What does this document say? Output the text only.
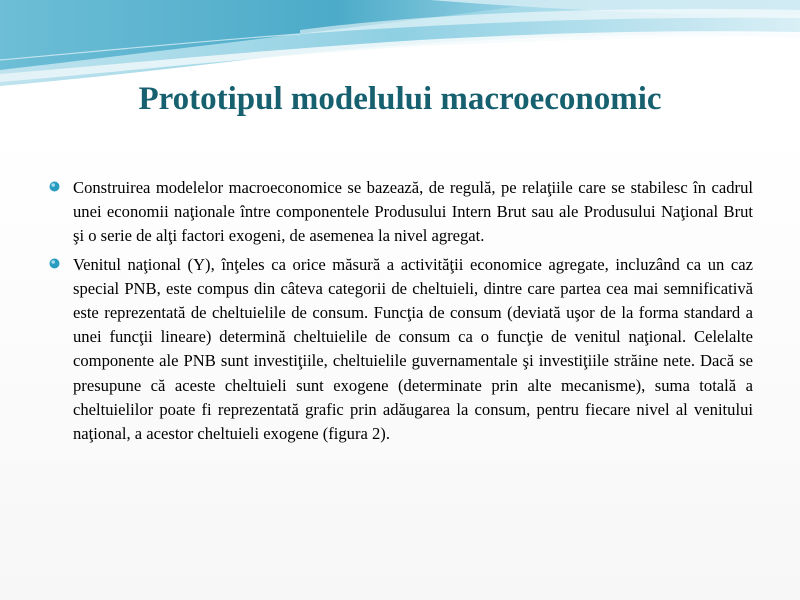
Prototipul modelului macroeconomic
Construirea modelelor macroeconomice se bazează, de regulă, pe relaţiile care se stabilesc în cadrul unei economii naţionale între componentele Produsului Intern Brut sau ale Produsului Naţional Brut şi o serie de alţi factori exogeni, de asemenea la nivel agregat.
Venitul naţional (Y), înţeles ca orice măsură a activităţii economice agregate, incluzând ca un caz special PNB, este compus din câteva categorii de cheltuieli, dintre care partea cea mai semnificativă este reprezentată de cheltuielile de consum. Funcţia de consum (deviată uşor de la forma standard a unei funcţii lineare) determină cheltuielile de consum ca o funcţie de venitul naţional. Celelalte componente ale PNB sunt investiţiile, cheltuielile guvernamentale şi investiţiile străine nete. Dacă se presupune că aceste cheltuieli sunt exogene (determinate prin alte mecanisme), suma totală a cheltuielilor poate fi reprezentată grafic prin adăugarea la consum, pentru fiecare nivel al venitului naţional, a acestor cheltuieli exogene (figura 2).
